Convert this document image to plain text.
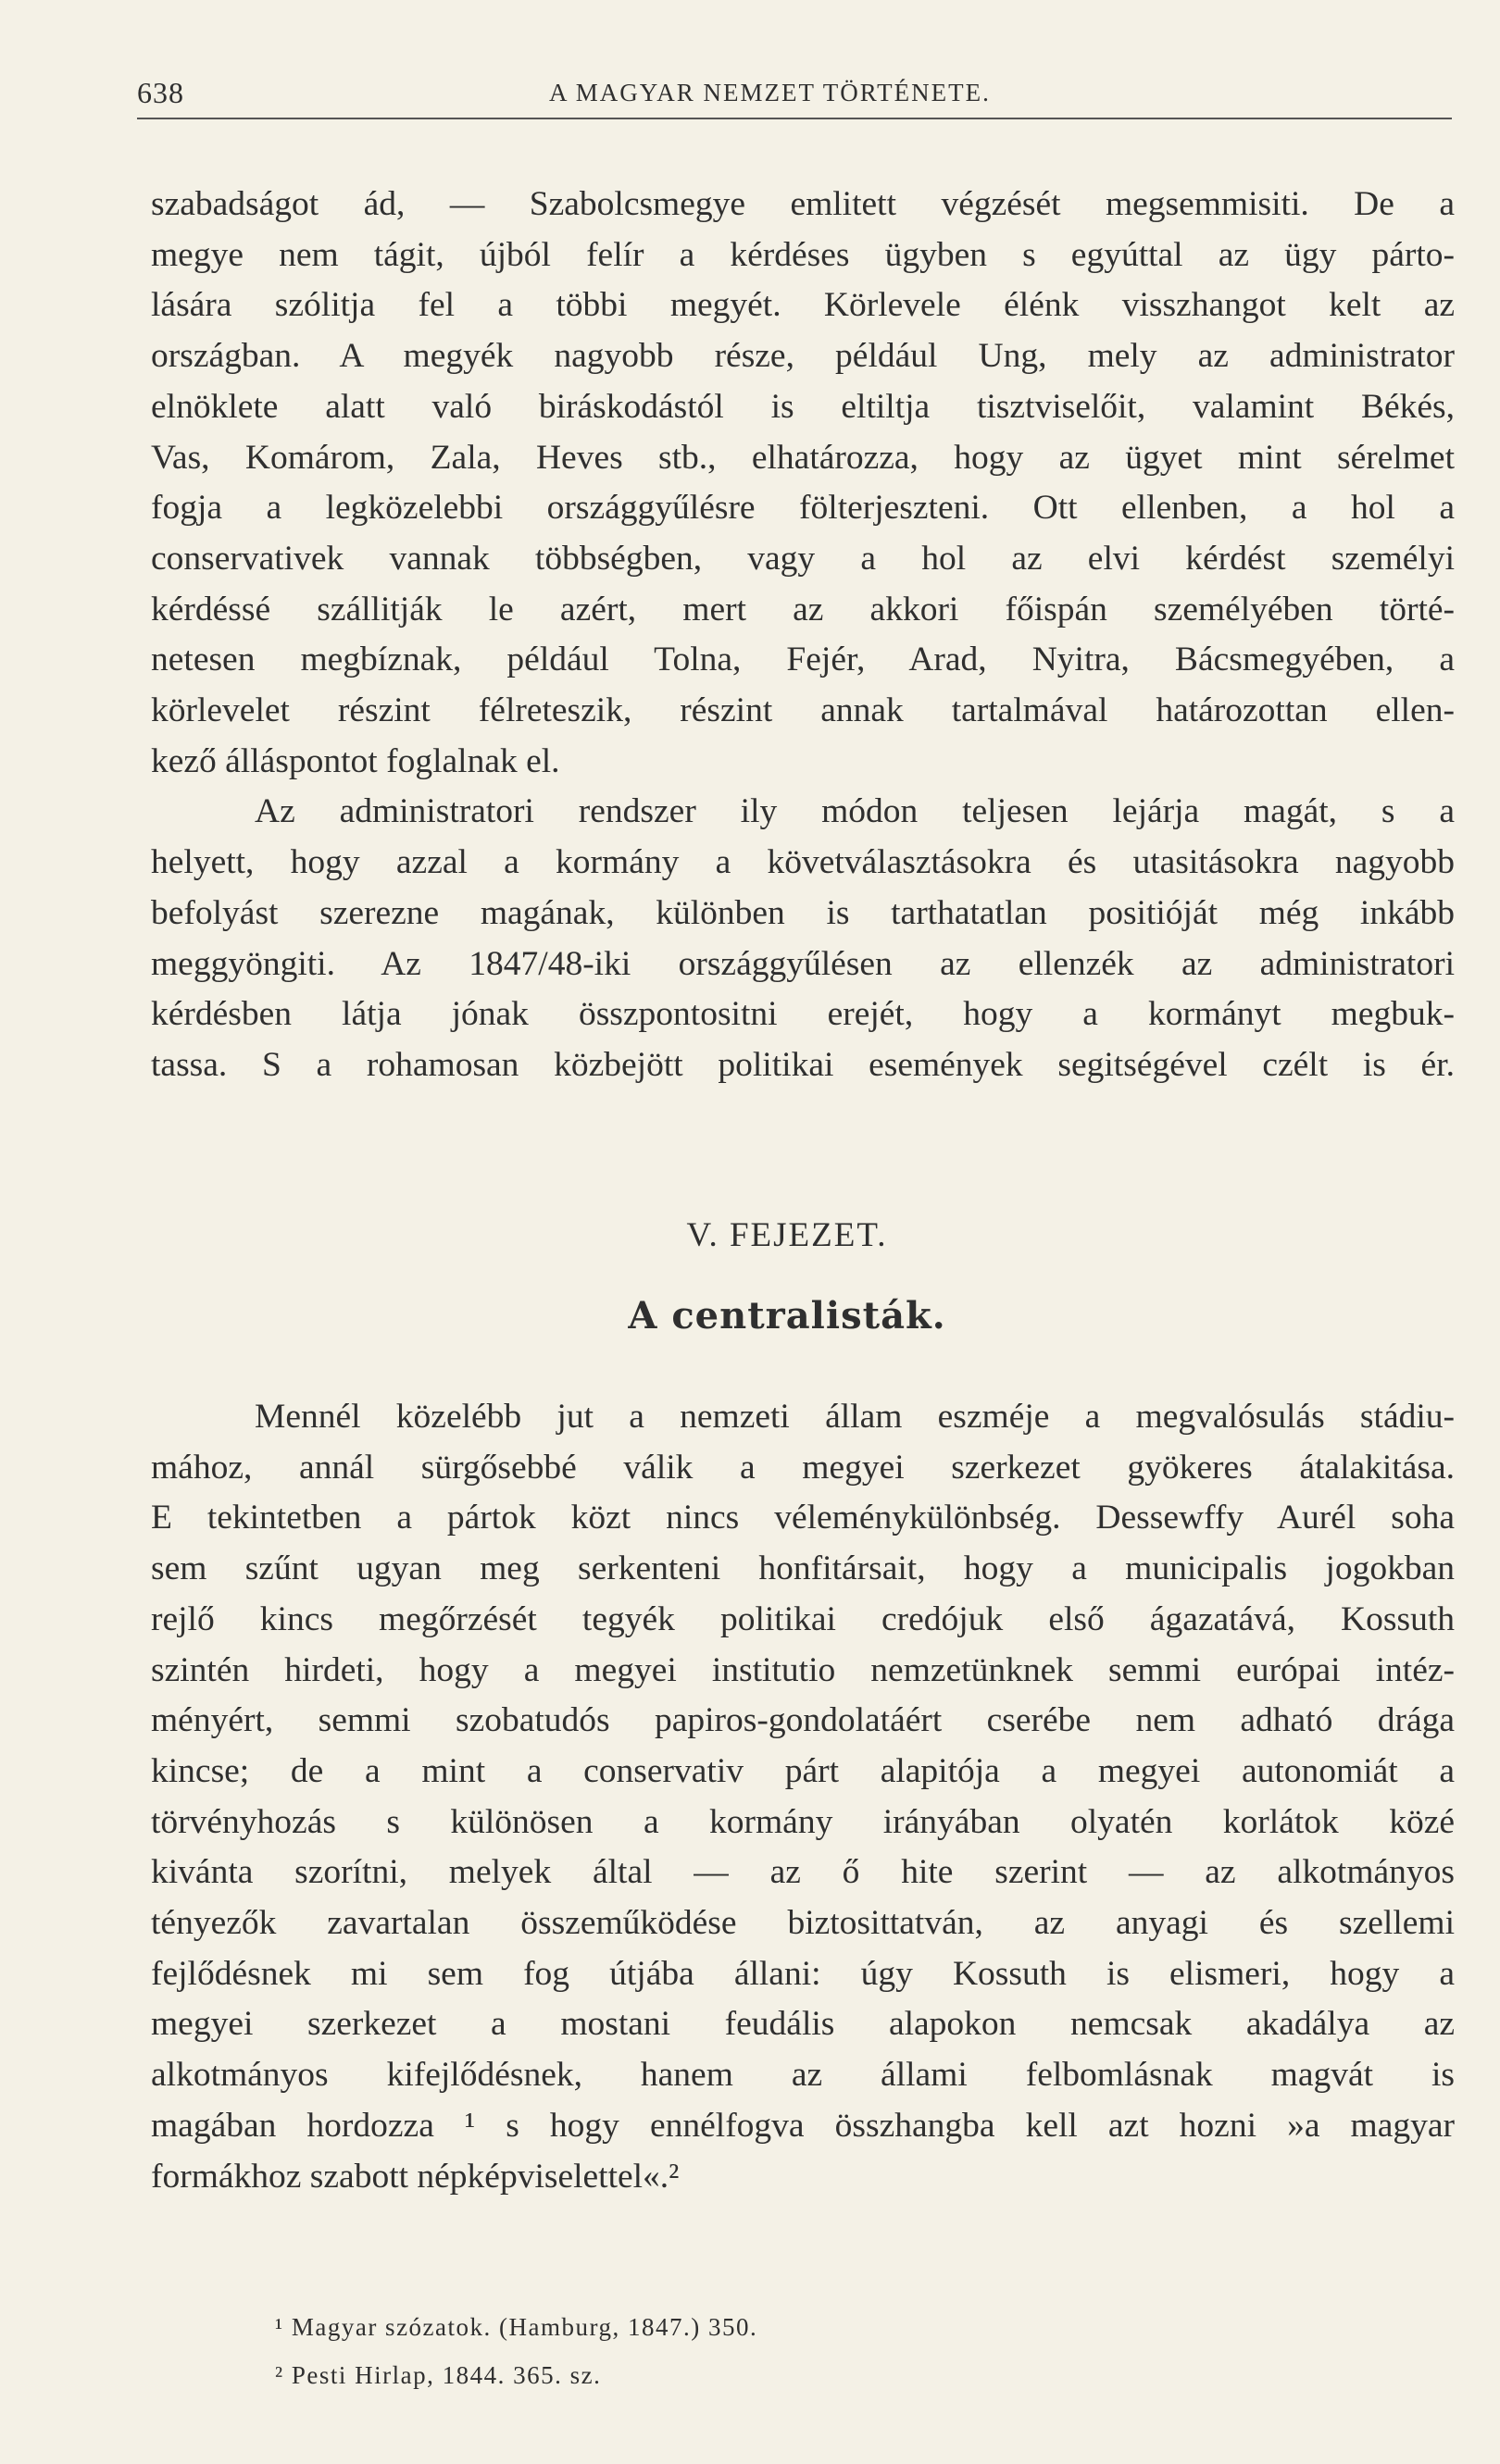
638	A MAGYAR NEMZET TÖRTÉNETE.
szabadságot ád, — Szabolcsmegye emlitett végzését megsemmisiti. De a
megye nem tágit, újból felír a kérdéses ügyben s egyúttal az ügy párto-
lására szólitja fel a többi megyét. Körlevele élénk visszhangot kelt az
országban. A megyék nagyobb része, például Ung, mely az administrator
elnöklete alatt való biráskodástól is eltiltja tisztviselőit, valamint Békés,
Vas, Komárom, Zala, Heves stb., elhatározza, hogy az ügyet mint sérelmet
fogja a legközelebbi országgyűlésre fölterjeszteni. Ott ellenben, a hol a
conservativek vannak többségben, vagy a hol az elvi kérdést személyi
kérdéssé szállitják le azért, mert az akkori főispán személyében törté-
netesen megbíznak, például Tolna, Fejér, Arad, Nyitra, Bácsmegyében, a
körlevelet részint félreteszik, részint annak tartalmával határozottan ellen-
kező álláspontot foglalnak el.
Az administratori rendszer ily módon teljesen lejárja magát, s a
helyett, hogy azzal a kormány a követválasztásokra és utasitásokra nagyobb
befolyást szerezne magának, különben is tarthatatlan positióját még inkább
meggyöngiti. Az 1847/48-iki országgyűlésen az ellenzék az administratori
kérdésben látja jónak összpontositni erejét, hogy a kormányt megbuk-
tassa. S a rohamosan közbejött politikai események segitségével czélt is ér.
V. FEJEZET.
A centralisták.
Mennél közelébb jut a nemzeti állam eszméje a megvalósulás stádiu-
mához, annál sürgősebbé válik a megyei szerkezet gyökeres átalakitása.
E tekintetben a pártok közt nincs véleménykülönbség. Dessewffy Aurél soha
sem szűnt ugyan meg serkenteni honfitársait, hogy a municipalis jogokban
rejlő kincs megőrzését tegyék politikai credójuk első ágazatává, Kossuth
szintén hirdeti, hogy a megyei institutio nemzetünknek semmi európai intéz-
ményért, semmi szobatudós papiros-gondolatáért cserébe nem adható drága
kincse; de a mint a conservativ párt alapitója a megyei autonomiát a
törvényhozás s különösen a kormány irányában olyatén korlátok közé
kivánta szorítni, melyek által — az ő hite szerint — az alkotmányos
tényezők zavartalan összeműködése biztosittatván, az anyagi és szellemi
fejlődésnek mi sem fog útjába állani: úgy Kossuth is elismeri, hogy a
megyei szerkezet a mostani feudális alapokon nemcsak akadálya az
alkotmányos kifejlődésnek, hanem az állami felbomlásnak magvát is
magában hordozza ¹ s hogy ennélfogva összhangba kell azt hozni »a magyar
formákhoz szabott népképviselettel«.²
¹ Magyar szózatok. (Hamburg, 1847.) 350.
² Pesti Hirlap, 1844. 365. sz.
